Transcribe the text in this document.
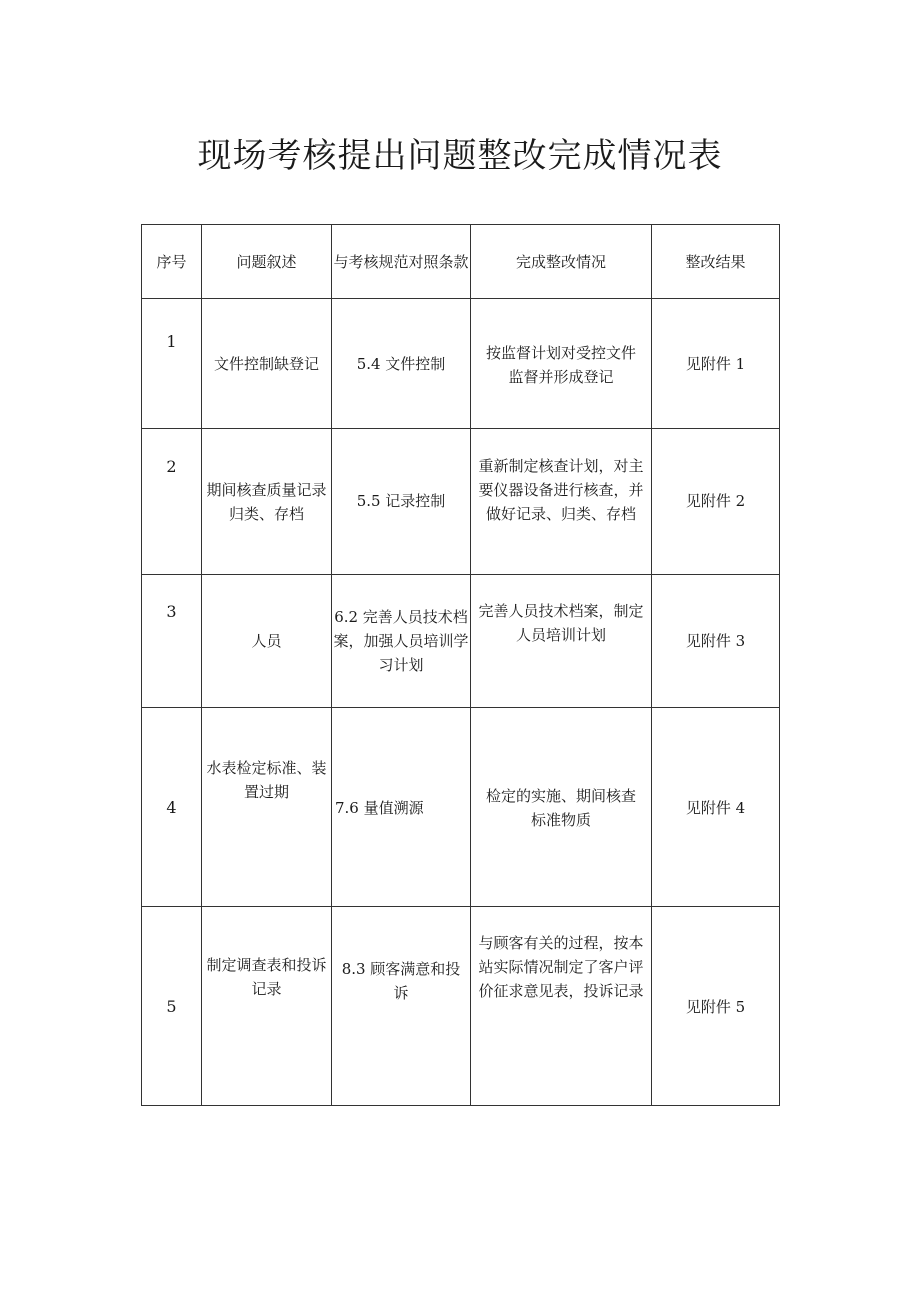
现场考核提出问题整改完成情况表
序号	问题叙述	与考核规范对照条款	完成整改情况	整改结果

1	文件控制缺登记	5.4 文件控制	按监督计划对受控文件监督并形成登记	见附件 1

2	期间核查质量记录归类、存档	5.5 记录控制	重新制定核查计划，对主要仪器设备进行核查，并做好记录、归类、存档	见附件 2

3	人员	6.2 完善人员技术档案，加强人员培训学习计划	完善人员技术档案，制定人员培训计划	见附件 3

4	水表检定标准、装置过期	7.6 量值溯源	检定的实施、期间核查标准物质	见附件 4

5	制定调查表和投诉记录	8.3 顾客满意和投诉	与顾客有关的过程，按本站实际情况制定了客户评价征求意见表，投诉记录	见附件 5
